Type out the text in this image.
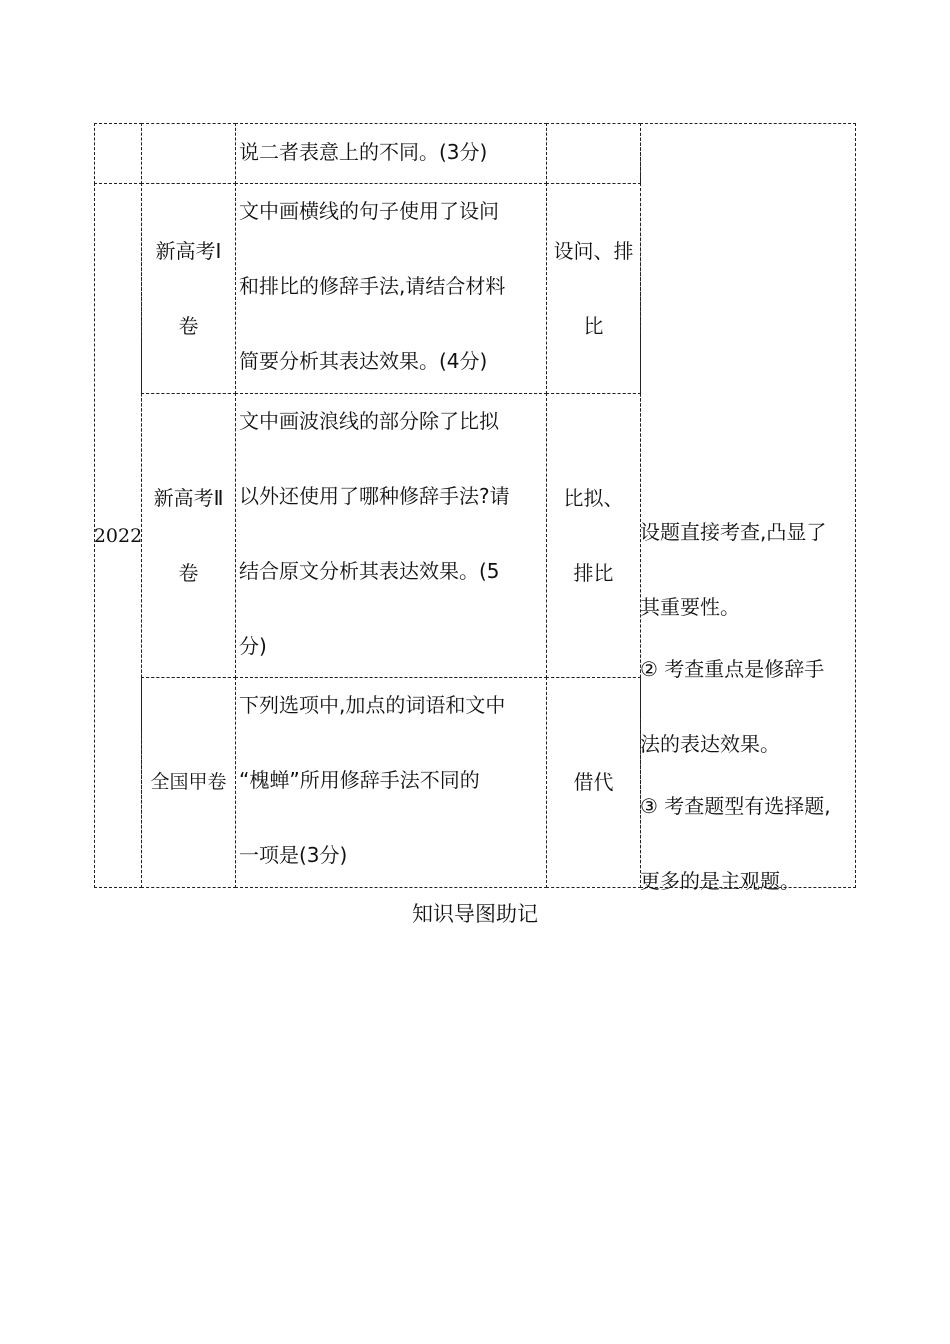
说二者表意上的不同。(3分)
2022
新高考Ⅰ
卷
文中画横线的句子使用了设问
和排比的修辞手法,请结合材料
简要分析其表达效果。(4分)
设问、排
比
新高考Ⅱ
卷
文中画波浪线的部分除了比拟
以外还使用了哪种修辞手法?请
结合原文分析其表达效果。(5
分)
比拟、
排比
全国甲卷
下列选项中,加点的词语和文中
“槐蝉”所用修辞手法不同的
一项是(3分)
借代
设题直接考查,凸显了
其重要性。
② 考查重点是修辞手
法的表达效果。
③ 考查题型有选择题,
更多的是主观题。
知识导图助记
